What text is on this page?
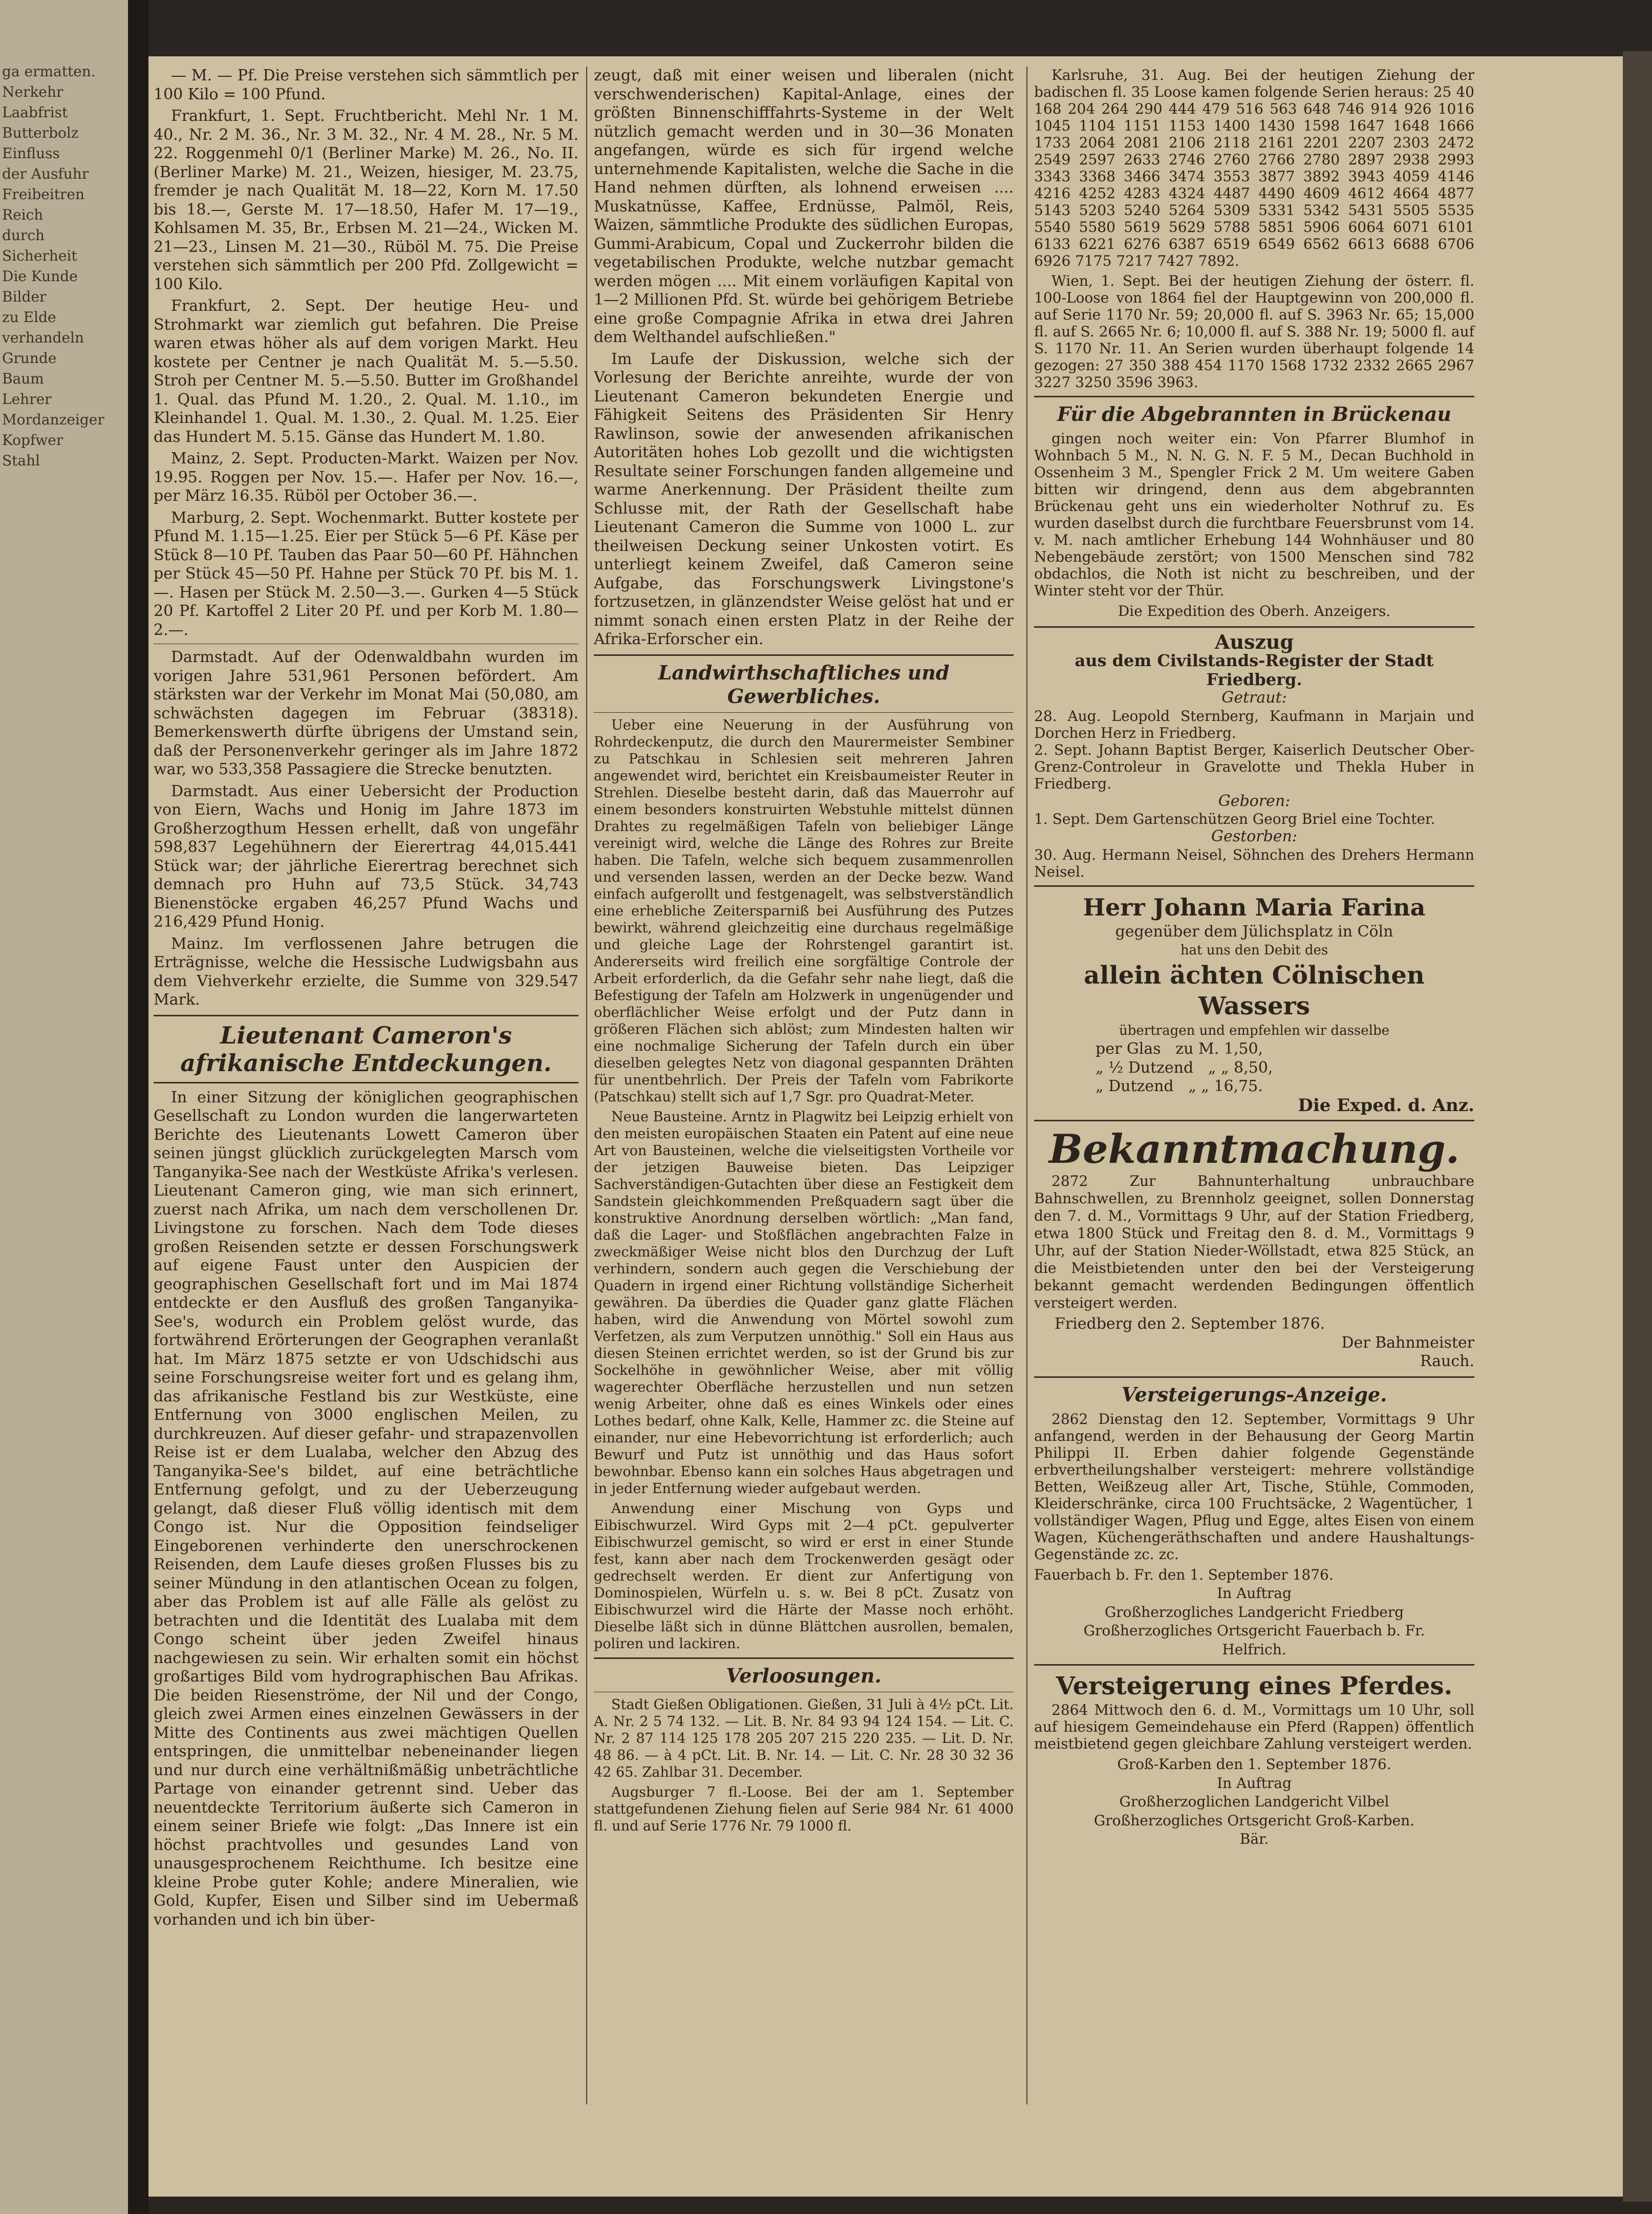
ga ermatten.
Nerkehr
Laabfrist
Butterbolz
Einfluss
der Ausfuhr
Freibeitren
Reich
durch
Sicherheit
Die Kunde
Bilder
zu Elde
verhandeln
Grunde
Baum
Lehrer
Mordanzeiger
Kopfwer
Stahl

— M. — Pf. Die Preise verstehen sich sämmtlich per 100 Kilo = 100 Pfund.

Frankfurt, 1. Sept. Fruchtbericht. Mehl Nr. 1 M. 40., Nr. 2 M. 36., Nr. 3 M. 32., Nr. 4 M. 28., Nr. 5 M. 22. Roggenmehl 0/1 (Berliner Marke) M. 26., No. II. (Berliner Marke) M. 21., Weizen, hiesiger, M. 23.75, fremder je nach Qualität M. 18—22, Korn M. 17.50 bis 18.—, Gerste M. 17—18.50, Hafer M. 17—19., Kohlsamen M. 35, Br., Erbsen M. 21—24., Wicken M. 21—23., Linsen M. 21—30., Rüböl M. 75. Die Preise verstehen sich sämmtlich per 200 Pfd. Zollgewicht = 100 Kilo.

Frankfurt, 2. Sept. Der heutige Heu- und Strohmarkt war ziemlich gut befahren. Die Preise waren etwas höher als auf dem vorigen Markt. Heu kostete per Centner je nach Qualität M. 5.—5.50. Stroh per Centner M. 5.—5.50. Butter im Großhandel 1. Qual. das Pfund M. 1.20., 2. Qual. M. 1.10., im Kleinhandel 1. Qual. M. 1.30., 2. Qual. M. 1.25. Eier das Hundert M. 5.15. Gänse das Hundert M. 1.80.

Mainz, 2. Sept. Producten-Markt. Waizen per Nov. 19.95. Roggen per Nov. 15.—. Hafer per Nov. 16.—, per März 16.35. Rüböl per October 36.—.

Marburg, 2. Sept. Wochenmarkt. Butter kostete per Pfund M. 1.15—1.25. Eier per Stück 5—6 Pf. Käse per Stück 8—10 Pf. Tauben das Paar 50—60 Pf. Hähnchen per Stück 45—50 Pf. Hahne per Stück 70 Pf. bis M. 1.—. Hasen per Stück M. 2.50—3.—. Gurken 4—5 Stück 20 Pf. Kartoffel 2 Liter 20 Pf. und per Korb M. 1.80—2.—.

Darmstadt. Auf der Odenwaldbahn wurden im vorigen Jahre 531,961 Personen befördert. Am stärksten war der Verkehr im Monat Mai (50,080, am schwächsten dagegen im Februar (38318). Bemerkenswerth dürfte übrigens der Umstand sein, daß der Personenverkehr geringer als im Jahre 1872 war, wo 533,358 Passagiere die Strecke benutzten.

Darmstadt. Aus einer Uebersicht der Production von Eiern, Wachs und Honig im Jahre 1873 im Großherzogthum Hessen erhellt, daß von ungefähr 598,837 Legehühnern der Eierertrag 44,015.441 Stück war; der jährliche Eierertrag berechnet sich demnach pro Huhn auf 73,5 Stück. 34,743 Bienenstöcke ergaben 46,257 Pfund Wachs und 216,429 Pfund Honig.

Mainz. Im verflossenen Jahre betrugen die Erträgnisse, welche die Hessische Ludwigsbahn aus dem Viehverkehr erzielte, die Summe von 329.547 Mark.

Lieutenant Cameron's afrikanische Entdeckungen.

In einer Sitzung der königlichen geographischen Gesellschaft zu London wurden die langerwarteten Berichte des Lieutenants Lowett Cameron über seinen jüngst glücklich zurückgelegten Marsch vom Tanganyika-See nach der Westküste Afrika's verlesen. Lieutenant Cameron ging, wie man sich erinnert, zuerst nach Afrika, um nach dem verschollenen Dr. Livingstone zu forschen. Nach dem Tode dieses großen Reisenden setzte er dessen Forschungswerk auf eigene Faust unter den Auspicien der geographischen Gesellschaft fort und im Mai 1874 entdeckte er den Ausfluß des großen Tanganyika-See's, wodurch ein Problem gelöst wurde, das fortwährend Erörterungen der Geographen veranlaßt hat. Im März 1875 setzte er von Udschidschi aus seine Forschungsreise weiter fort und es gelang ihm, das afrikanische Festland bis zur Westküste, eine Entfernung von 3000 englischen Meilen, zu durchkreuzen. Auf dieser gefahr- und strapazenvollen Reise ist er dem Lualaba, welcher den Abzug des Tanganyika-See's bildet, auf eine beträchtliche Entfernung gefolgt, und zu der Ueberzeugung gelangt, daß dieser Fluß völlig identisch mit dem Congo ist. Nur die Opposition feindseliger Eingeborenen verhinderte den unerschrockenen Reisenden, dem Laufe dieses großen Flusses bis zu seiner Mündung in den atlantischen Ocean zu folgen, aber das Problem ist auf alle Fälle als gelöst zu betrachten und die Identität des Lualaba mit dem Congo scheint über jeden Zweifel hinaus nachgewiesen zu sein. Wir erhalten somit ein höchst großartiges Bild vom hydrographischen Bau Afrikas. Die beiden Riesenströme, der Nil und der Congo, gleich zwei Armen eines einzelnen Gewässers in der Mitte des Continents aus zwei mächtigen Quellen entspringen, die unmittelbar nebeneinander liegen und nur durch eine verhältnißmäßig unbeträchtliche Partage von einander getrennt sind. Ueber das neuentdeckte Territorium äußerte sich Cameron in einem seiner Briefe wie folgt: „Das Innere ist ein höchst prachtvolles und gesundes Land von unausgesprochenem Reichthume. Ich besitze eine kleine Probe guter Kohle; andere Mineralien, wie Gold, Kupfer, Eisen und Silber sind im Uebermaß vorhanden und ich bin über-

zeugt, daß mit einer weisen und liberalen (nicht verschwenderischen) Kapital-Anlage, eines der größten Binnenschifffahrts-Systeme in der Welt nützlich gemacht werden und in 30—36 Monaten angefangen, würde es sich für irgend welche unternehmende Kapitalisten, welche die Sache in die Hand nehmen dürften, als lohnend erweisen .... Muskatnüsse, Kaffee, Erdnüsse, Palmöl, Reis, Waizen, sämmtliche Produkte des südlichen Europas, Gummi-Arabicum, Copal und Zuckerrohr bilden die vegetabilischen Produkte, welche nutzbar gemacht werden mögen .... Mit einem vorläufigen Kapital von 1—2 Millionen Pfd. St. würde bei gehörigem Betriebe eine große Compagnie Afrika in etwa drei Jahren dem Welthandel aufschließen."

Im Laufe der Diskussion, welche sich der Vorlesung der Berichte anreihte, wurde der von Lieutenant Cameron bekundeten Energie und Fähigkeit Seitens des Präsidenten Sir Henry Rawlinson, sowie der anwesenden afrikanischen Autoritäten hohes Lob gezollt und die wichtigsten Resultate seiner Forschungen fanden allgemeine und warme Anerkennung. Der Präsident theilte zum Schlusse mit, der Rath der Gesellschaft habe Lieutenant Cameron die Summe von 1000 L. zur theilweisen Deckung seiner Unkosten votirt. Es unterliegt keinem Zweifel, daß Cameron seine Aufgabe, das Forschungswerk Livingstone's fortzusetzen, in glänzendster Weise gelöst hat und er nimmt sonach einen ersten Platz in der Reihe der Afrika-Erforscher ein.

Landwirthschaftliches und Gewerbliches.

Ueber eine Neuerung in der Ausführung von Rohrdeckenputz, die durch den Maurermeister Sembiner zu Patschkau in Schlesien seit mehreren Jahren angewendet wird, berichtet ein Kreisbaumeister Reuter in Strehlen. Dieselbe besteht darin, daß das Mauerrohr auf einem besonders konstruirten Webstuhle mittelst dünnen Drahtes zu regelmäßigen Tafeln von beliebiger Länge vereinigt wird, welche die Länge des Rohres zur Breite haben. Die Tafeln, welche sich bequem zusammenrollen und versenden lassen, werden an der Decke bezw. Wand einfach aufgerollt und festgenagelt, was selbstverständlich eine erhebliche Zeitersparniß bei Ausführung des Putzes bewirkt, während gleichzeitig eine durchaus regelmäßige und gleiche Lage der Rohrstengel garantirt ist. Andererseits wird freilich eine sorgfältige Controle der Arbeit erforderlich, da die Gefahr sehr nahe liegt, daß die Befestigung der Tafeln am Holzwerk in ungenügender und oberflächlicher Weise erfolgt und der Putz dann in größeren Flächen sich ablöst; zum Mindesten halten wir eine nochmalige Sicherung der Tafeln durch ein über dieselben gelegtes Netz von diagonal gespannten Drähten für unentbehrlich. Der Preis der Tafeln vom Fabrikorte (Patschkau) stellt sich auf 1,7 Sgr. pro Quadrat-Meter.

Neue Bausteine. Arntz in Plagwitz bei Leipzig erhielt von den meisten europäischen Staaten ein Patent auf eine neue Art von Bausteinen, welche die vielseitigsten Vortheile vor der jetzigen Bauweise bieten. Das Leipziger Sachverständigen-Gutachten über diese an Festigkeit dem Sandstein gleichkommenden Preßquadern sagt über die konstruktive Anordnung derselben wörtlich: „Man fand, daß die Lager- und Stoßflächen angebrachten Falze in zweckmäßiger Weise nicht blos den Durchzug der Luft verhindern, sondern auch gegen die Verschiebung der Quadern in irgend einer Richtung vollständige Sicherheit gewähren. Da überdies die Quader ganz glatte Flächen haben, wird die Anwendung von Mörtel sowohl zum Verfetzen, als zum Verputzen unnöthig." Soll ein Haus aus diesen Steinen errichtet werden, so ist der Grund bis zur Sockelhöhe in gewöhnlicher Weise, aber mit völlig wagerechter Oberfläche herzustellen und nun setzen wenig Arbeiter, ohne daß es eines Winkels oder eines Lothes bedarf, ohne Kalk, Kelle, Hammer zc. die Steine auf einander, nur eine Hebevorrichtung ist erforderlich; auch Bewurf und Putz ist unnöthig und das Haus sofort bewohnbar. Ebenso kann ein solches Haus abgetragen und in jeder Entfernung wieder aufgebaut werden.

Anwendung einer Mischung von Gyps und Eibischwurzel. Wird Gyps mit 2—4 pCt. gepulverter Eibischwurzel gemischt, so wird er erst in einer Stunde fest, kann aber nach dem Trockenwerden gesägt oder gedrechselt werden. Er dient zur Anfertigung von Dominospielen, Würfeln u. s. w. Bei 8 pCt. Zusatz von Eibischwurzel wird die Härte der Masse noch erhöht. Dieselbe läßt sich in dünne Blättchen ausrollen, bemalen, poliren und lackiren.

Verloosungen.

Stadt Gießen Obligationen. Gießen, 31 Juli à 4½ pCt. Lit. A. Nr. 2 5 74 132. — Lit. B. Nr. 84 93 94 124 154. — Lit. C. Nr. 2 87 114 125 178 205 207 215 220 235. — Lit. D. Nr. 48 86. — à 4 pCt. Lit. B. Nr. 14. — Lit. C. Nr. 28 30 32 36 42 65. Zahlbar 31. December.

Augsburger 7 fl.-Loose. Bei der am 1. September stattgefundenen Ziehung fielen auf Serie 984 Nr. 61 4000 fl. und auf Serie 1776 Nr. 79 1000 fl.

Karlsruhe, 31. Aug. Bei der heutigen Ziehung der badischen fl. 35 Loose kamen folgende Serien heraus: 25 40 168 204 264 290 444 479 516 563 648 746 914 926 1016 1045 1104 1151 1153 1400 1430 1598 1647 1648 1666 1733 2064 2081 2106 2118 2161 2201 2207 2303 2472 2549 2597 2633 2746 2760 2766 2780 2897 2938 2993 3343 3368 3466 3474 3553 3877 3892 3943 4059 4146 4216 4252 4283 4324 4487 4490 4609 4612 4664 4877 5143 5203 5240 5264 5309 5331 5342 5431 5505 5535 5540 5580 5619 5629 5788 5851 5906 6064 6071 6101 6133 6221 6276 6387 6519 6549 6562 6613 6688 6706 6926 7175 7217 7427 7892.

Wien, 1. Sept. Bei der heutigen Ziehung der österr. fl. 100-Loose von 1864 fiel der Hauptgewinn von 200,000 fl. auf Serie 1170 Nr. 59; 20,000 fl. auf S. 3963 Nr. 65; 15,000 fl. auf S. 2665 Nr. 6; 10,000 fl. auf S. 388 Nr. 19; 5000 fl. auf S. 1170 Nr. 11. An Serien wurden überhaupt folgende 14 gezogen: 27 350 388 454 1170 1568 1732 2332 2665 2967 3227 3250 3596 3963.

Für die Abgebrannten in Brückenau

gingen noch weiter ein: Von Pfarrer Blumhof in Wohnbach 5 M., N. N. G. N. F. 5 M., Decan Buchhold in Ossenheim 3 M., Spengler Frick 2 M. Um weitere Gaben bitten wir dringend, denn aus dem abgebrannten Brückenau geht uns ein wiederholter Nothruf zu. Es wurden daselbst durch die furchtbare Feuersbrunst vom 14. v. M. nach amtlicher Erhebung 144 Wohnhäuser und 80 Nebengebäude zerstört; von 1500 Menschen sind 782 obdachlos, die Noth ist nicht zu beschreiben, und der Winter steht vor der Thür.

Die Expedition des Oberh. Anzeigers.
Auszug
aus dem Civilstands-Register der Stadt Friedberg.
Getraut:
28. Aug. Leopold Sternberg, Kaufmann in Marjain und Dorchen Herz in Friedberg.
2. Sept. Johann Baptist Berger, Kaiserlich Deutscher Ober-Grenz-Controleur in Gravelotte und Thekla Huber in Friedberg.
Geboren:
1. Sept. Dem Gartenschützen Georg Briel eine Tochter.
Gestorben:
30. Aug. Hermann Neisel, Söhnchen des Drehers Hermann Neisel.
Herr Johann Maria Farina
gegenüber dem Jülichsplatz in Cöln
hat uns den Debit des
allein ächten Cölnischen Wassers
übertragen und empfehlen wir dasselbe
per Glas zu M. 1,50,
„ ½ Dutzend „ „ 8,50,
„ Dutzend „ „ 16,75.
Die Exped. d. Anz.
Bekanntmachung.

2872 Zur Bahnunterhaltung unbrauchbare Bahnschwellen, zu Brennholz geeignet, sollen Donnerstag den 7. d. M., Vormittags 9 Uhr, auf der Station Friedberg, etwa 1800 Stück und Freitag den 8. d. M., Vormittags 9 Uhr, auf der Station Nieder-Wöllstadt, etwa 825 Stück, an die Meistbietenden unter den bei der Versteigerung bekannt gemacht werdenden Bedingungen öffentlich versteigert werden.

Friedberg den 2. September 1876.
Der Bahnmeister
Rauch.
Versteigerungs-Anzeige.

2862 Dienstag den 12. September, Vormittags 9 Uhr anfangend, werden in der Behausung der Georg Martin Philippi II. Erben dahier folgende Gegenstände erbvertheilungshalber versteigert: mehrere vollständige Betten, Weißzeug aller Art, Tische, Stühle, Commoden, Kleiderschränke, circa 100 Fruchtsäcke, 2 Wagentücher, 1 vollständiger Wagen, Pflug und Egge, altes Eisen von einem Wagen, Küchengeräthschaften und andere Haushaltungs-Gegenstände zc. zc.

Fauerbach b. Fr. den 1. September 1876.
In Auftrag
Großherzogliches Landgericht Friedberg
Großherzogliches Ortsgericht Fauerbach b. Fr.
Helfrich.
Versteigerung eines Pferdes.

2864 Mittwoch den 6. d. M., Vormittags um 10 Uhr, soll auf hiesigem Gemeindehause ein Pferd (Rappen) öffentlich meistbietend gegen gleichbare Zahlung versteigert werden.

Groß-Karben den 1. September 1876.
In Auftrag
Großherzoglichen Landgericht Vilbel
Großherzogliches Ortsgericht Groß-Karben.
Bär.
